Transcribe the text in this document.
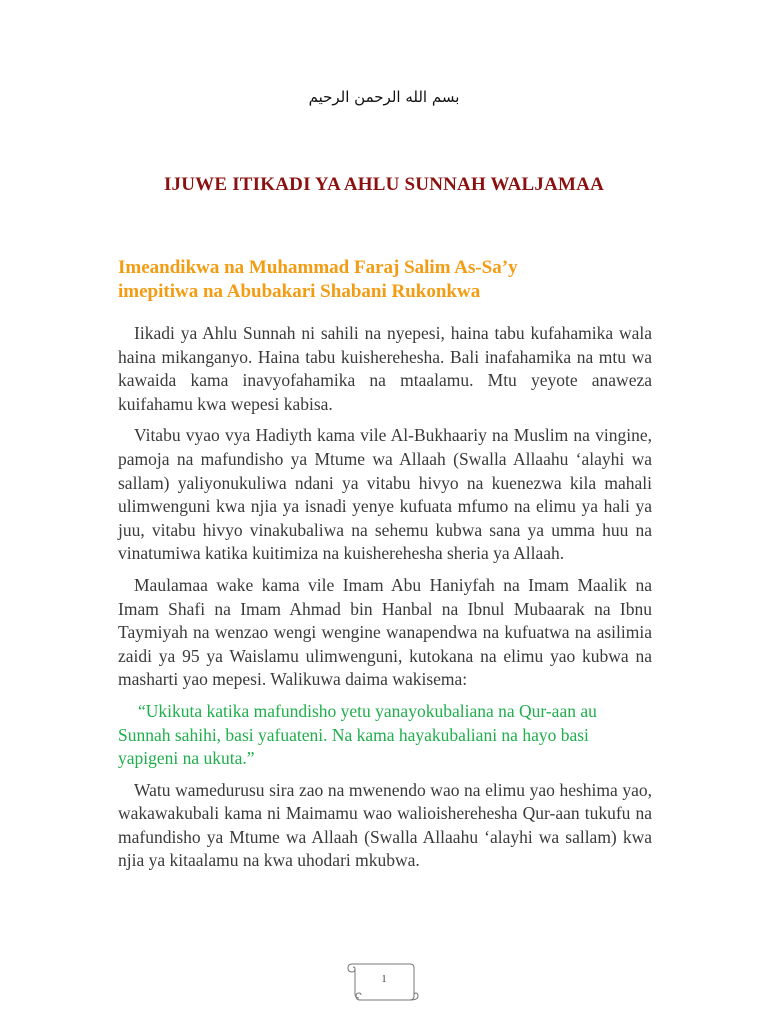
بسم الله الرحمن الرحيم
IJUWE ITIKADI YA AHLU SUNNAH WALJAMAA
Imeandikwa na Muhammad Faraj Salim As-Sa’y
imepitiwa na Abubakari Shabani Rukonkwa

Iikadi ya Ahlu Sunnah ni sahili na nyepesi, haina tabu kufahamika wala haina mikanganyo. Haina tabu kuisherehesha. Bali inafahamika na mtu wa kawaida kama inavyofahamika na mtaalamu. Mtu yeyote anaweza kuifahamu kwa wepesi kabisa.

Vitabu vyao vya Hadiyth kama vile Al-Bukhaariy na Muslim na vingine, pamoja na mafundisho ya Mtume wa Allaah (Swalla Allaahu ‘alayhi wa sallam) yaliyonukuliwa ndani ya vitabu hivyo na kuenezwa kila mahali ulimwenguni kwa njia ya isnadi yenye kufuata mfumo na elimu ya hali ya juu, vitabu hivyo vinakubaliwa na sehemu kubwa sana ya umma huu na vinatumiwa katika kuitimiza na kuisherehesha sheria ya Allaah.

Maulamaa wake kama vile Imam Abu Haniyfah na Imam Maalik na Imam Shafi na Imam Ahmad bin Hanbal na Ibnul Mubaarak na Ibnu Taymiyah na wenzao wengi wengine wanapendwa na kufuatwa na asilimia zaidi ya 95 ya Waislamu ulimwenguni, kutokana na elimu yao kubwa na masharti yao mepesi. Walikuwa daima wakisema:

“Ukikuta katika mafundisho yetu yanayokubaliana na Qur-aan au Sunnah sahihi, basi yafuateni. Na kama hayakubaliani na hayo basi yapigeni na ukuta.”

Watu wamedurusu sira zao na mwenendo wao na elimu yao heshima yao, wakawakubali kama ni Maimamu wao walioisherehesha Qur-aan tukufu na mafundisho ya Mtume wa Allaah (Swalla Allaahu ‘alayhi wa sallam) kwa njia ya kitaalamu na kwa uhodari mkubwa.

1
